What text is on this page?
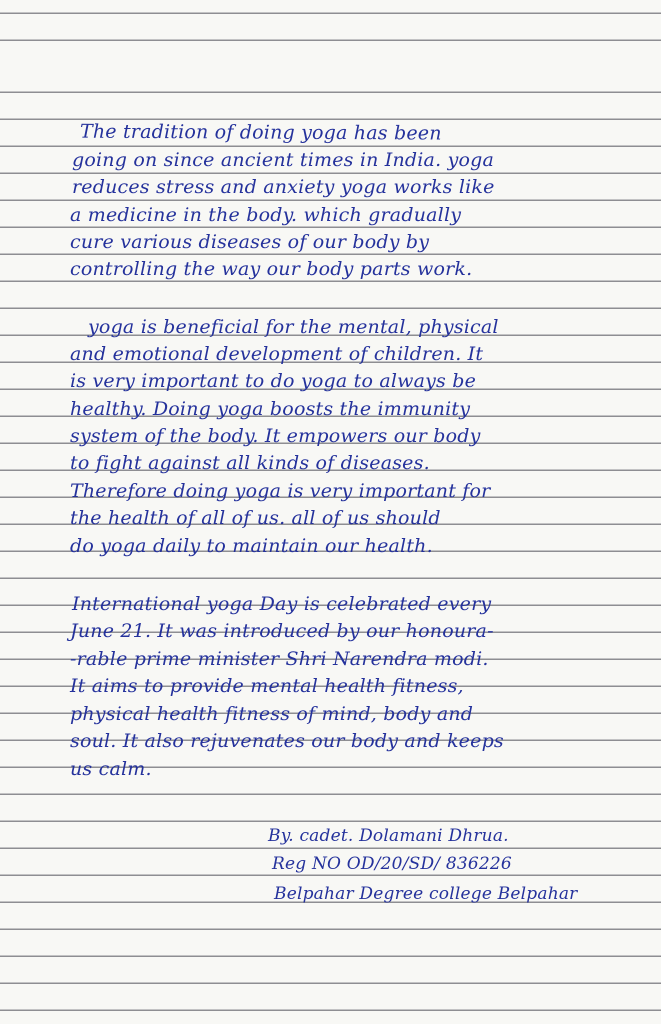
The tradition of doing yoga has been
going on since ancient times in India. yoga
reduces stress and anxiety yoga works like
a medicine in the body. which gradually
cure various diseases of our body by
controlling the way our body parts work.
yoga is beneficial for the mental, physical
and emotional development of children. It
is very important to do yoga to always be
healthy. Doing yoga boosts the immunity
system of the body. It empowers our body
to fight against all kinds of diseases.
Therefore doing yoga is very important for
the health of all of us. all of us should
do yoga daily to maintain our health.
International yoga Day is celebrated every
June 21. It was introduced by our honoura-
-rable prime minister Shri Narendra modi.
It aims to provide mental health fitness,
physical health fitness of mind, body and
soul. It also rejuvenates our body and keeps
us calm.
By. cadet. Dolamani Dhrua.
Reg NO OD/20/SD/ 836226
Belpahar Degree college Belpahar
